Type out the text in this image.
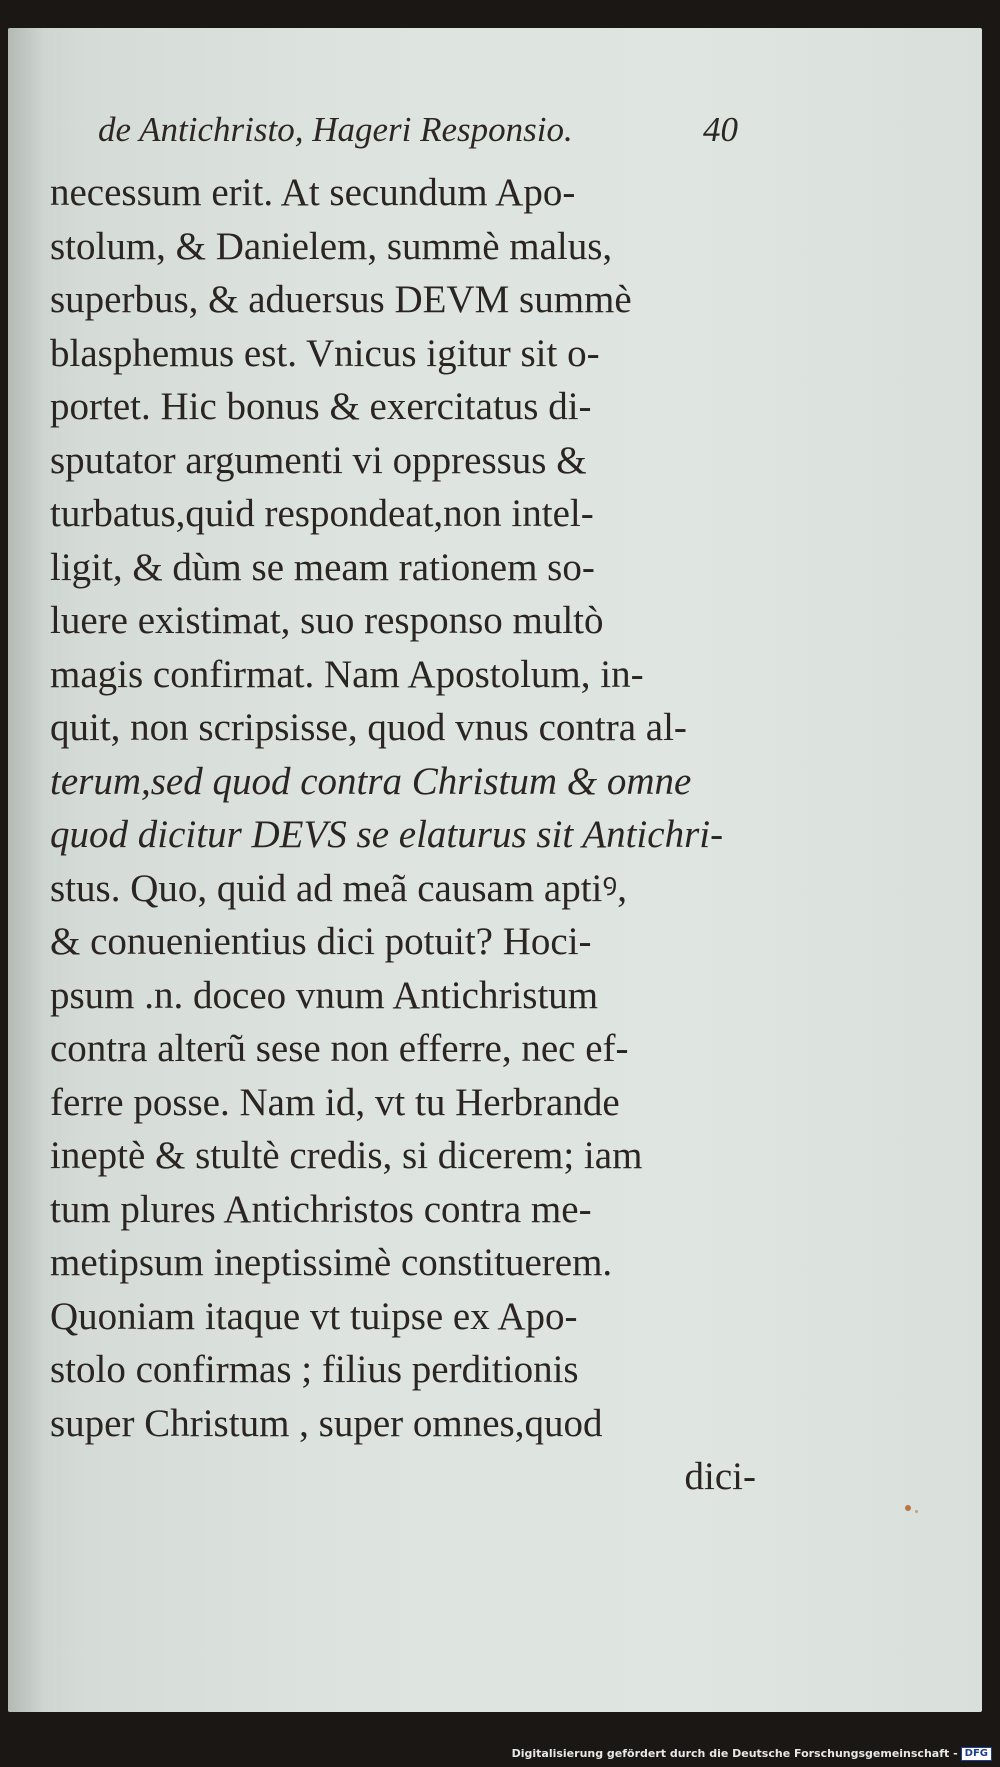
de Antichristo, Hageri Responsio.	40
necessum erit. At secundum Apo-
stolum, & Danielem, summè malus,
superbus, & aduersus DEVM summè
blasphemus est. Vnicus igitur sit o-
portet. Hic bonus & exercitatus di-
sputator argumenti vi oppressus &
turbatus,quid respondeat,non intel-
ligit, & dùm se meam rationem so-
luere existimat, suo responso multò
magis confirmat. Nam Apostolum, in-
quit, non scripsisse, quod vnus contra al-
terum,sed quod contra Christum & omne
quod dicitur DEVS se elaturus sit Antichri-
stus. Quo, quid ad meã causam aptiꝰ,
& conuenientius dici potuit? Hoci-
psum .n. doceo vnum Antichristum
contra alterũ sese non efferre, nec ef-
ferre posse. Nam id, vt tu Herbrande
ineptè & stultè credis, si dicerem; iam
tum plures Antichristos contra me-
metipsum ineptissimè constituerem.
Quoniam itaque vt tuipse ex Apo-
stolo confirmas ; filius perditionis
super Christum , super omnes,quod
dici-
Digitalisierung gefördert durch die Deutsche Forschungsgemeinschaft - DFG
